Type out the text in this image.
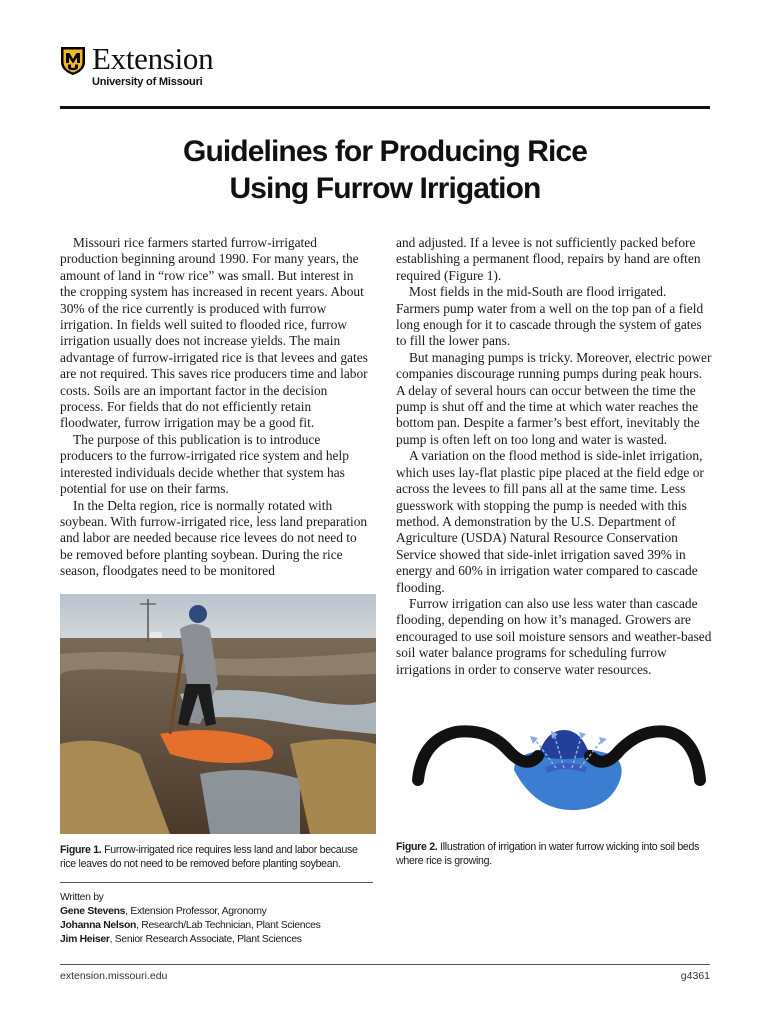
Extension
University of Missouri
Guidelines for Producing Rice
Using Furrow Irrigation

Missouri rice farmers started furrow-irrigated production beginning around 1990. For many years, the amount of land in “row rice” was small. But interest in the cropping system has increased in recent years. About 30% of the rice currently is produced with furrow irrigation. In fields well suited to flooded rice, furrow irrigation usually does not increase yields. The main advantage of furrow-irrigated rice is that levees and gates are not required. This saves rice producers time and labor costs. Soils are an important factor in the decision process. For fields that do not efficiently retain floodwater, furrow irrigation may be a good fit.

The purpose of this publication is to introduce producers to the furrow-irrigated rice system and help interested individuals decide whether that system has potential for use on their farms.

In the Delta region, rice is normally rotated with soybean. With furrow-irrigated rice, less land preparation and labor are needed because rice levees do not need to be removed before planting soybean. During the rice season, floodgates need to be monitored

and adjusted. If a levee is not sufficiently packed before establishing a permanent flood, repairs by hand are often required (Figure 1).

Most fields in the mid-South are flood irrigated. Farmers pump water from a well on the top pan of a field long enough for it to cascade through the system of gates to fill the lower pans.

But managing pumps is tricky. Moreover, electric power companies discourage running pumps during peak hours. A delay of several hours can occur between the time the pump is shut off and the time at which water reaches the bottom pan. Despite a farmer’s best effort, inevitably the pump is often left on too long and water is wasted.

A variation on the flood method is side-inlet irrigation, which uses lay-flat plastic pipe placed at the field edge or across the levees to fill pans all at the same time. Less guesswork with stopping the pump is needed with this method. A demonstration by the U.S. Department of Agriculture (USDA) Natural Resource Conservation Service showed that side-inlet irrigation saved 39% in energy and 60% in irrigation water compared to cascade flooding.

Furrow irrigation can also use less water than cascade flooding, depending on how it’s managed. Growers are encouraged to use soil moisture sensors and weather-based soil water balance programs for scheduling furrow irrigations in order to conserve water resources.

Figure 1. Furrow-irrigated rice requires less land and labor because rice leaves do not need to be removed before planting soybean.
Figure 2. Illustration of irrigation in water furrow wicking into soil beds where rice is growing.
Written by
Gene Stevens, Extension Professor, Agronomy
Johanna Nelson, Research/Lab Technician, Plant Sciences
Jim Heiser, Senior Research Associate, Plant Sciences
extension.missouri.edu	g4361
